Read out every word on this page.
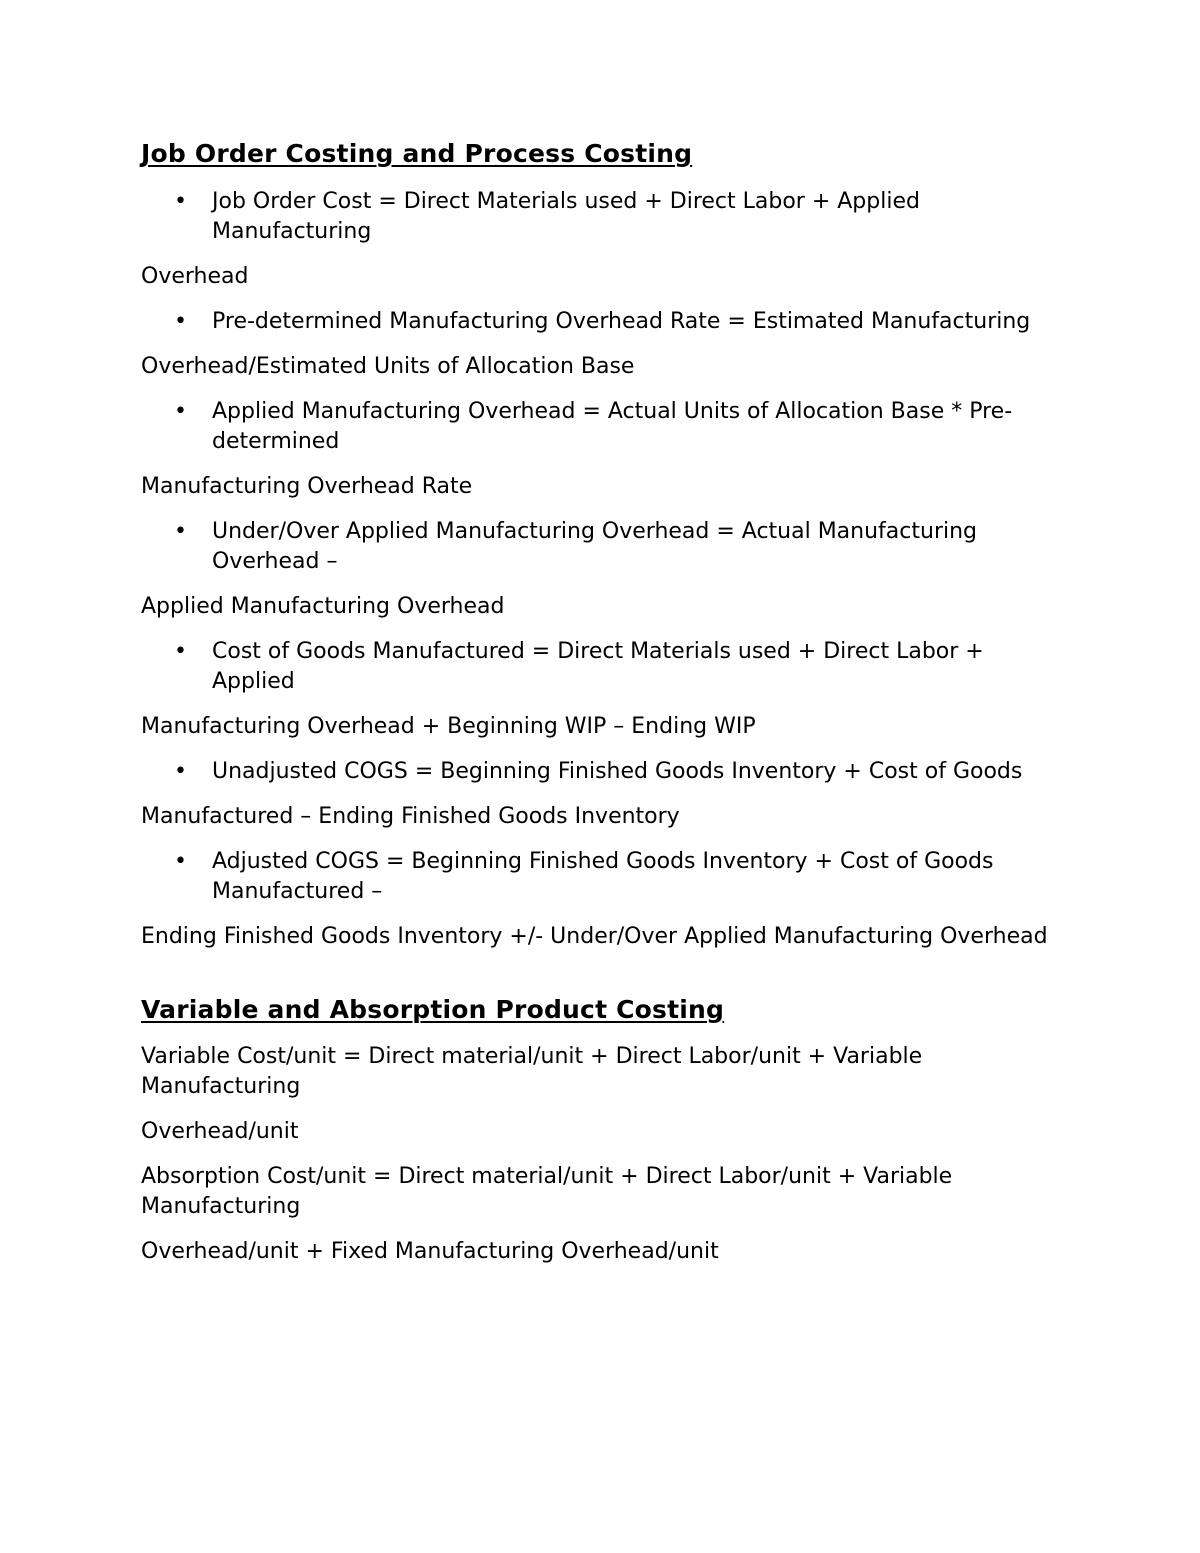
Job Order Costing and Process Costing
• Job Order Cost = Direct Materials used + Direct Labor + Applied Manufacturing

Overhead

• Pre-determined Manufacturing Overhead Rate = Estimated Manufacturing

Overhead/Estimated Units of Allocation Base

• Applied Manufacturing Overhead = Actual Units of Allocation Base * Pre-determined

Manufacturing Overhead Rate

• Under/Over Applied Manufacturing Overhead = Actual Manufacturing Overhead –

Applied Manufacturing Overhead

• Cost of Goods Manufactured = Direct Materials used + Direct Labor + Applied

Manufacturing Overhead + Beginning WIP – Ending WIP

• Unadjusted COGS = Beginning Finished Goods Inventory + Cost of Goods

Manufactured – Ending Finished Goods Inventory

• Adjusted COGS = Beginning Finished Goods Inventory + Cost of Goods Manufactured –

Ending Finished Goods Inventory +/- Under/Over Applied Manufacturing Overhead

Variable and Absorption Product Costing

Variable Cost/unit = Direct material/unit + Direct Labor/unit + Variable Manufacturing

Overhead/unit

Absorption Cost/unit = Direct material/unit + Direct Labor/unit + Variable Manufacturing

Overhead/unit + Fixed Manufacturing Overhead/unit
